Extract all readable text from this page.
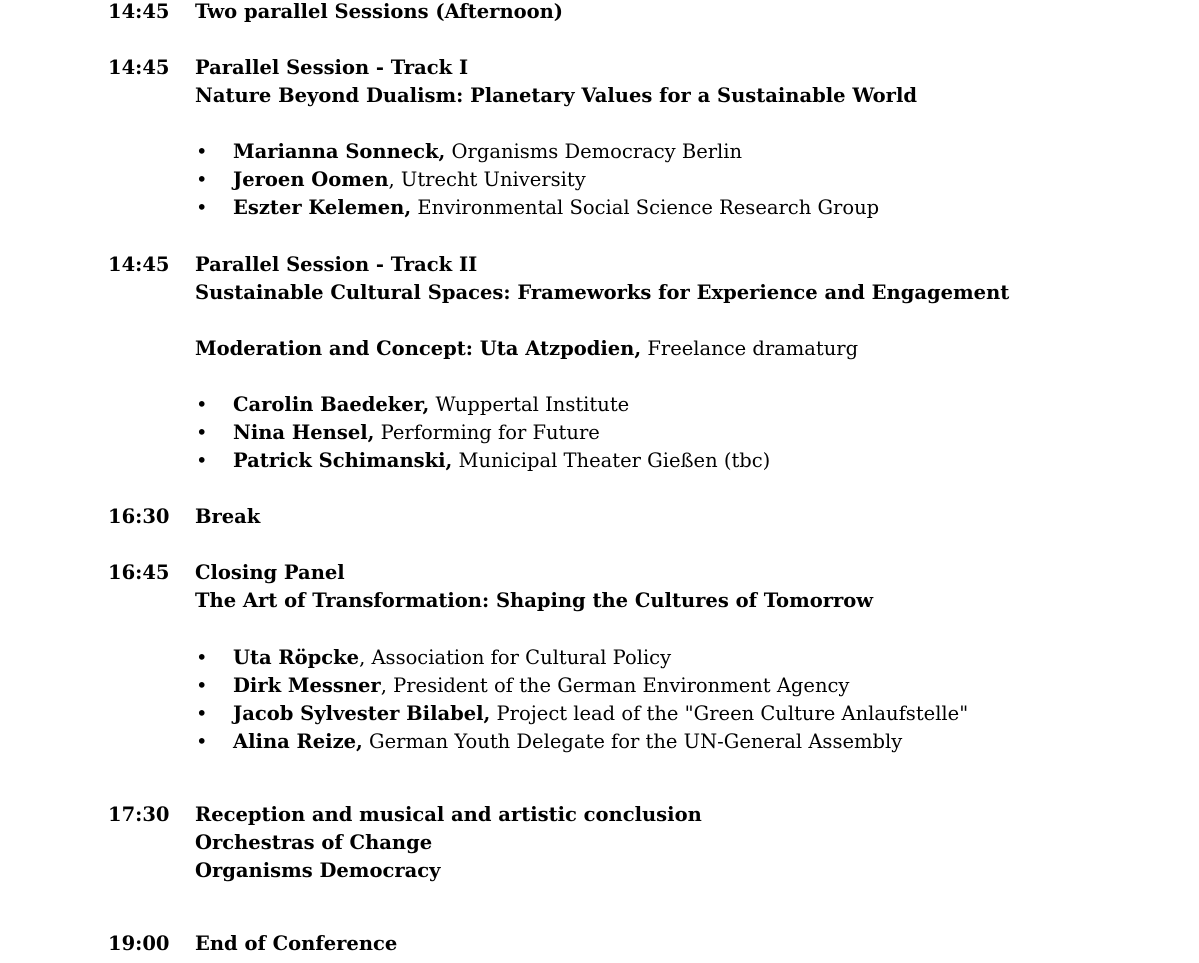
14:45 Two parallel Sessions (Afternoon)
14:45 Parallel Session - Track I
Nature Beyond Dualism: Planetary Values for a Sustainable World
• Marianna Sonneck, Organisms Democracy Berlin
• Jeroen Oomen, Utrecht University
• Eszter Kelemen, Environmental Social Science Research Group
14:45 Parallel Session - Track II
Sustainable Cultural Spaces: Frameworks for Experience and Engagement
Moderation and Concept: Uta Atzpodien, Freelance dramaturg
• Carolin Baedeker, Wuppertal Institute
• Nina Hensel, Performing for Future
• Patrick Schimanski, Municipal Theater Gießen (tbc)
16:30 Break
16:45 Closing Panel
The Art of Transformation: Shaping the Cultures of Tomorrow
• Uta Röpcke, Association for Cultural Policy
• Dirk Messner, President of the German Environment Agency
• Jacob Sylvester Bilabel, Project lead of the "Green Culture Anlaufstelle"
• Alina Reize, German Youth Delegate for the UN-General Assembly
17:30 Reception and musical and artistic conclusion
Orchestras of Change
Organisms Democracy
19:00 End of Conference
